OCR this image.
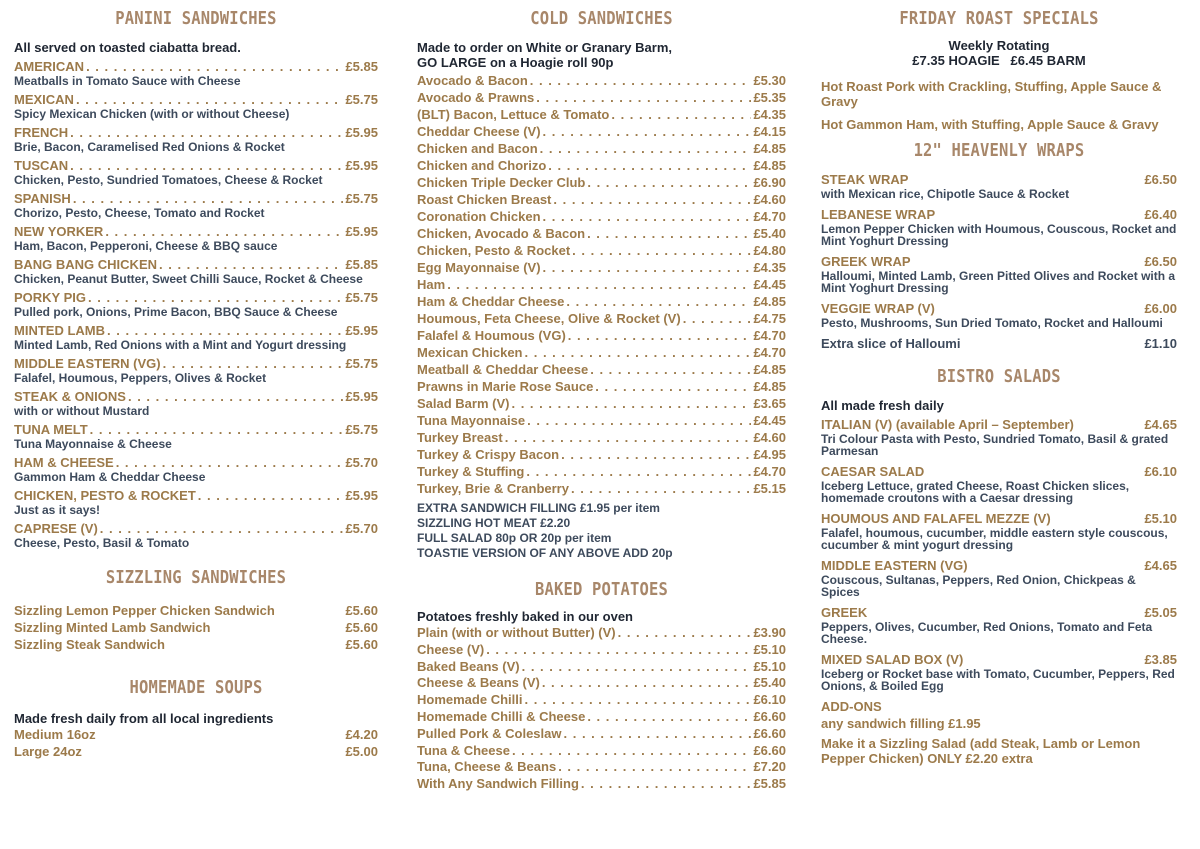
PANINI SANDWICHES
All served on toasted ciabatta bread.
AMERICAN . . .	£5.85
Meatballs in Tomato Sauce with Cheese
MEXICAN . . .	£5.75
Spicy Mexican Chicken (with or without Cheese)
FRENCH . . .	£5.95
Brie, Bacon, Caramelised Red Onions & Rocket
TUSCAN . . .	£5.95
Chicken, Pesto, Sundried Tomatoes, Cheese & Rocket
SPANISH . . .	£5.75
Chorizo, Pesto, Cheese, Tomato and Rocket
NEW YORKER . . .	£5.95
Ham, Bacon, Pepperoni, Cheese & BBQ sauce
BANG BANG CHICKEN . . .	£5.85
Chicken, Peanut Butter, Sweet Chilli Sauce, Rocket & Cheese
PORKY PIG . . .	£5.75
Pulled pork, Onions, Prime Bacon, BBQ Sauce & Cheese
MINTED LAMB . . .	£5.95
Minted Lamb, Red Onions with a Mint and Yogurt dressing
MIDDLE EASTERN (VG) . . .	£5.75
Falafel, Houmous, Peppers, Olives & Rocket
STEAK & ONIONS . . .	£5.95
with or without Mustard
TUNA MELT . . .	£5.75
Tuna Mayonnaise & Cheese
HAM & CHEESE . . .	£5.70
Gammon Ham & Cheddar Cheese
CHICKEN, PESTO & ROCKET . . .	£5.95
Just as it says!
CAPRESE (V) . . .	£5.70
Cheese, Pesto, Basil & Tomato
SIZZLING SANDWICHES
Sizzling Lemon Pepper Chicken Sandwich	£5.60
Sizzling Minted Lamb Sandwich	£5.60
Sizzling Steak Sandwich	£5.60
HOMEMADE SOUPS
Made fresh daily from all local ingredients
Medium 16oz	£4.20
Large 24oz	£5.00
COLD SANDWICHES
Made to order on White or Granary Barm,
GO LARGE on a Hoagie roll 90p
Avocado & Bacon . . .	£5.30
Avocado & Prawns . . .	£5.35
(BLT) Bacon, Lettuce & Tomato . . .	£4.35
Cheddar Cheese (V) . . .	£4.15
Chicken and Bacon . . .	£4.85
Chicken and Chorizo . . .	£4.85
Chicken Triple Decker Club . . .	£6.90
Roast Chicken Breast . . .	£4.60
Coronation Chicken . . .	£4.70
Chicken, Avocado & Bacon . . .	£5.40
Chicken, Pesto & Rocket . . .	£4.80
Egg Mayonnaise (V) . . .	£4.35
Ham . . .	£4.45
Ham & Cheddar Cheese . . .	£4.85
Houmous, Feta Cheese, Olive & Rocket (V) . . .	£4.75
Falafel & Houmous (VG) . . .	£4.70
Mexican Chicken . . .	£4.70
Meatball & Cheddar Cheese . . .	£4.85
Prawns in Marie Rose Sauce . . .	£4.85
Salad Barm (V) . . .	£3.65
Tuna Mayonnaise . . .	£4.45
Turkey Breast . . .	£4.60
Turkey & Crispy Bacon . . .	£4.95
Turkey & Stuffing . . .	£4.70
Turkey, Brie & Cranberry . . .	£5.15
EXTRA SANDWICH FILLING £1.95 per item
SIZZLING HOT MEAT £2.20
FULL SALAD 80p OR 20p per item
TOASTIE VERSION OF ANY ABOVE ADD 20p
BAKED POTATOES
Potatoes freshly baked in our oven
Plain (with or without Butter) (V) . . .	£3.90
Cheese (V) . . .	£5.10
Baked Beans (V) . . .	£5.10
Cheese & Beans (V) . . .	£5.40
Homemade Chilli . . .	£6.10
Homemade Chilli & Cheese . . .	£6.60
Pulled Pork & Coleslaw . . .	£6.60
Tuna & Cheese . . .	£6.60
Tuna, Cheese & Beans . . .	£7.20
With Any Sandwich Filling . . .	£5.85
FRIDAY ROAST SPECIALS
Weekly Rotating
£7.35 HOAGIE   £6.45 BARM
Hot Roast Pork with Crackling, Stuffing, Apple Sauce & Gravy
Hot Gammon Ham, with Stuffing, Apple Sauce & Gravy
12" HEAVENLY WRAPS
STEAK WRAP	£6.50
with Mexican rice, Chipotle Sauce & Rocket
LEBANESE WRAP	£6.40
Lemon Pepper Chicken with Houmous, Couscous, Rocket and Mint Yoghurt Dressing
GREEK WRAP	£6.50
Halloumi, Minted Lamb, Green Pitted Olives and Rocket with a Mint Yoghurt Dressing
VEGGIE WRAP (V)	£6.00
Pesto, Mushrooms, Sun Dried Tomato, Rocket and Halloumi
Extra slice of Halloumi	£1.10
BISTRO SALADS
All made fresh daily
ITALIAN (V) (available April – September)	£4.65
Tri Colour Pasta with Pesto, Sundried Tomato, Basil & grated Parmesan
CAESAR SALAD	£6.10
Iceberg Lettuce, grated Cheese, Roast Chicken slices, homemade croutons with a Caesar dressing
HOUMOUS AND FALAFEL MEZZE (V)	£5.10
Falafel, houmous, cucumber, middle eastern style couscous, cucumber & mint yogurt dressing
MIDDLE EASTERN (VG)	£4.65
Couscous, Sultanas, Peppers, Red Onion, Chickpeas & Spices
GREEK	£5.05
Peppers, Olives, Cucumber, Red Onions, Tomato and Feta Cheese.
MIXED SALAD BOX (V)	£3.85
Iceberg or Rocket base with Tomato, Cucumber, Peppers, Red Onions, & Boiled Egg
ADD-ONS
any sandwich filling £1.95
Make it a Sizzling Salad (add Steak, Lamb or Lemon Pepper Chicken) ONLY £2.20 extra
